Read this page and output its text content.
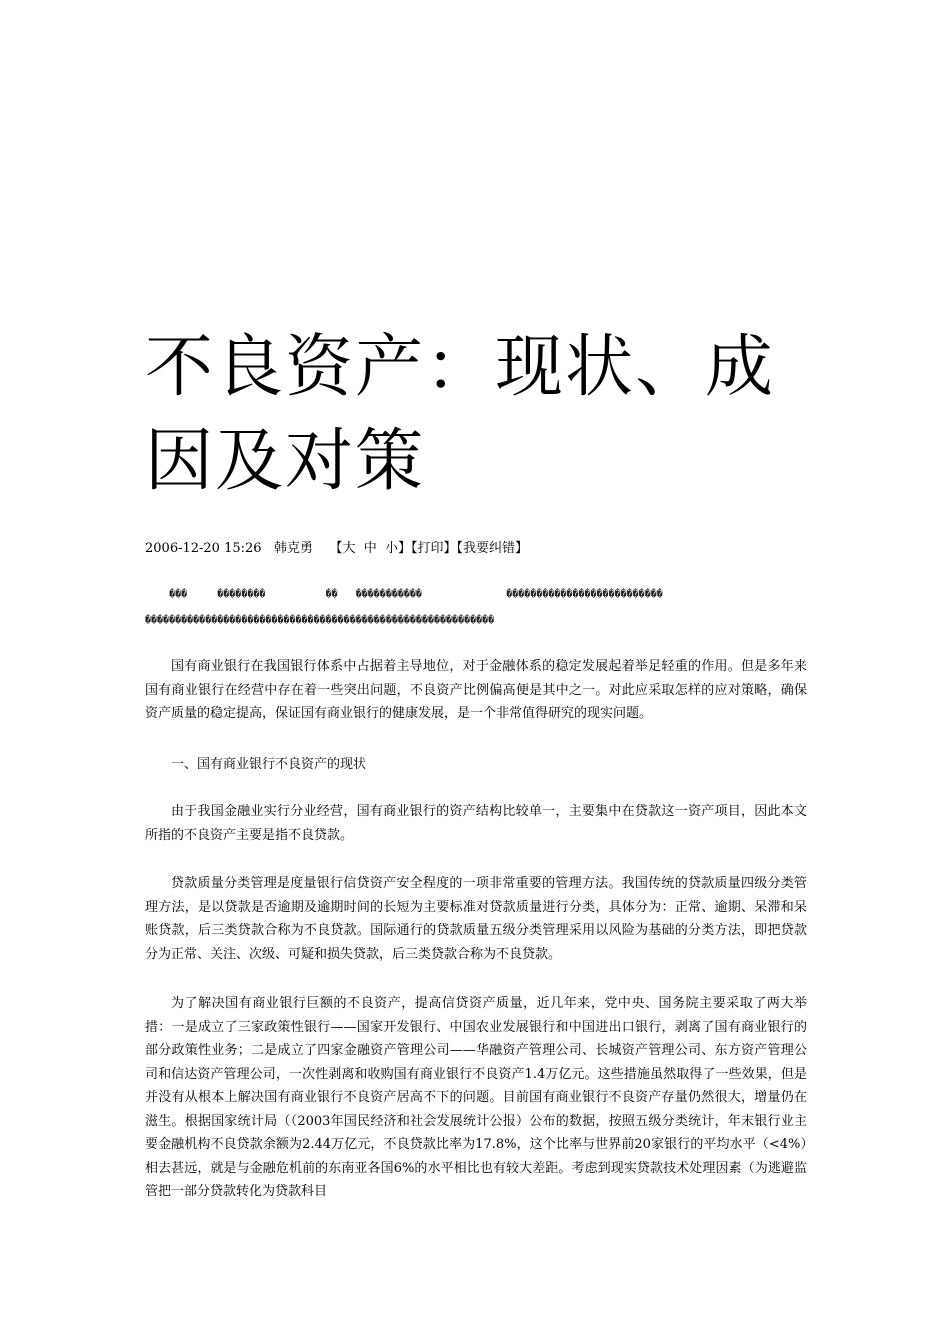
不良资产：现状、成因及对策
2006-12-20 15:26   韩克勇    【大  中  小】【打印】【我要纠错】
���     ��������          ��   �����������              ��������������������������
����������������������������������������������������������

国有商业银行在我国银行体系中占据着主导地位，对于金融体系的稳定发展起着举足轻重的作用。但是多年来国有商业银行在经营中存在着一些突出问题，不良资产比例偏高便是其中之一。对此应采取怎样的应对策略，确保资产质量的稳定提高，保证国有商业银行的健康发展，是一个非常值得研究的现实问题。

一、国有商业银行不良资产的现状

由于我国金融业实行分业经营，国有商业银行的资产结构比较单一，主要集中在贷款这一资产项目，因此本文所指的不良资产主要是指不良贷款。

贷款质量分类管理是度量银行信贷资产安全程度的一项非常重要的管理方法。我国传统的贷款质量四级分类管理方法，是以贷款是否逾期及逾期时间的长短为主要标准对贷款质量进行分类，具体分为：正常、逾期、呆滞和呆账贷款，后三类贷款合称为不良贷款。国际通行的贷款质量五级分类管理采用以风险为基础的分类方法，即把贷款分为正常、关注、次级、可疑和损失贷款，后三类贷款合称为不良贷款。

为了解决国有商业银行巨额的不良资产，提高信贷资产质量，近几年来，党中央、国务院主要采取了两大举措：一是成立了三家政策性银行——国家开发银行、中国农业发展银行和中国进出口银行，剥离了国有商业银行的部分政策性业务；二是成立了四家金融资产管理公司——华融资产管理公司、长城资产管理公司、东方资产管理公司和信达资产管理公司，一次性剥离和收购国有商业银行不良资产1.4万亿元。这些措施虽然取得了一些效果，但是并没有从根本上解决国有商业银行不良资产居高不下的问题。目前国有商业银行不良资产存量仍然很大，增量仍在滋生。根据国家统计局（（2003年国民经济和社会发展统计公报）公布的数据，按照五级分类统计，年末银行业主要金融机构不良贷款余额为2.44万亿元，不良贷款比率为17.8%，这个比率与世界前20家银行的平均水平（<4%）相去甚远，就是与金融危机前的东南亚各国6%的水平相比也有较大差距。考虑到现实贷款技术处理因素（为逃避监管把一部分贷款转化为贷款科目
